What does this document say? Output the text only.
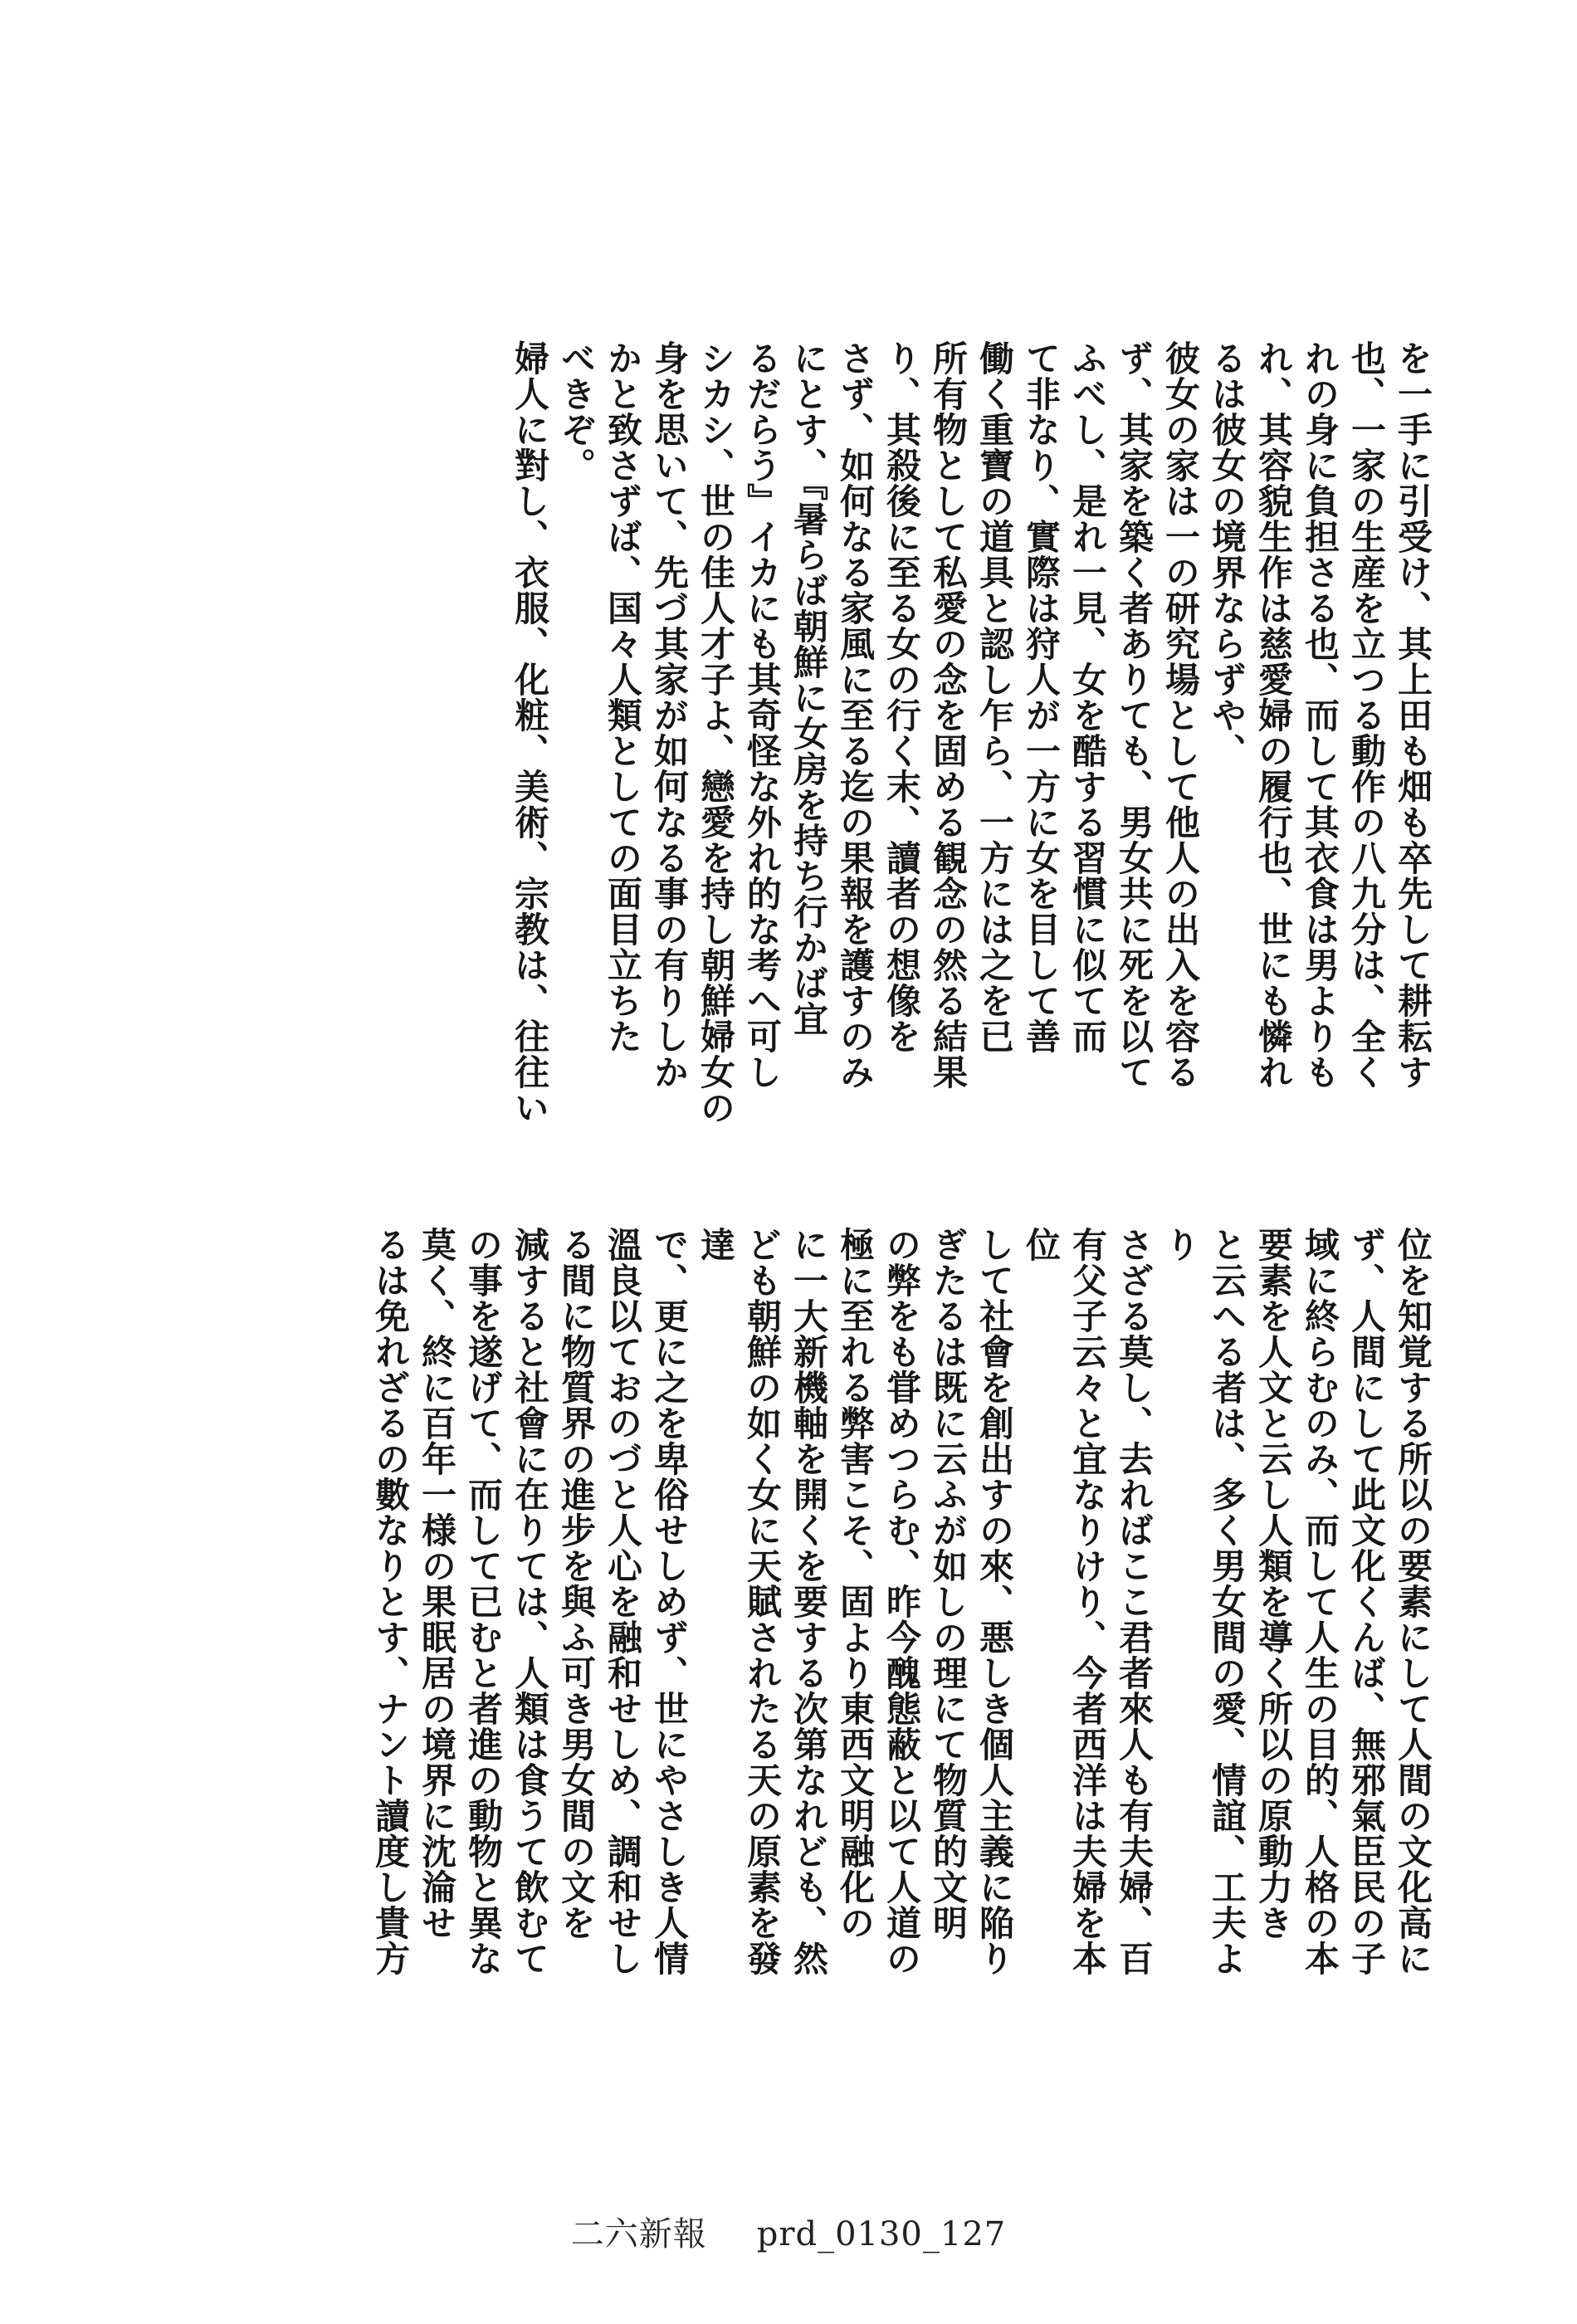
を一手に引受け、其上田も畑も卒先して耕耘す
也、一家の生産を立つる動作の八九分は、全く
れの身に負担さる也、而して其衣食は男よりも
れ、其容貌生作は慈愛婦の履行也、世にも憐れ
るは彼女の境界ならずや、
彼女の家は一の研究場として他人の出入を容る
ず、其家を築く者ありても、男女共に死を以て
ふべし、是れ一見、女を酷する習慣に似て而
て非なり、實際は狩人が一方に女を目して善
働く重寶の道具と認し乍ら、一方には之を已
所有物として私愛の念を固める観念の然る結果
り、其殺後に至る女の行く末、讀者の想像を
さず、如何なる家風に至る迄の果報を護すのみ
にとす、『暑らば朝鮮に女房を持ち行かば宜
るだらう』イカにも其奇怪な外れ的な考へ可し
シカシ、世の佳人才子よ、戀愛を持し朝鮮婦女の
身を思いて、先づ其家が如何なる事の有りしか
かと致さずば、国々人類としての面目立ちた
べきぞ。
婦人に對し、衣服、化粧、美術、宗教は、往往い
位を知覚する所以の要素にして人間の文化高に
ず、人間にして此文化くんば、無邪氣臣民の子
域に終らむのみ、而して人生の目的、人格の本
要素を人文と云し人類を導く所以の原動力き
と云へる者は、多く男女間の愛、情誼、工夫より
さざる莫し、去ればここ君者來人も有夫婦、百
有父子云々と宜なりけり、今者西洋は夫婦を本位
して社會を創出すの來、悪しき個人主義に陥り
ぎたるは既に云ふが如しの理にて物質的文明
の弊をも甞めつらむ、昨今醜態蔽と以て人道の
極に至れる弊害こそ、固より東西文明融化の
に一大新機軸を開くを要する次第なれども、然
ども朝鮮の如く女に天賦されたる天の原素を發達
で、更に之を卑俗せしめず、世にやさしき人情
溫良以ておのづと人心を融和せしめ、調和せし
る間に物質界の進步を與ふ可き男女間の文を
減すると社會に在りては、人類は食うて飲むて
の事を遂げて、而して已むと者進の動物と異な
莫く、終に百年一様の果眠居の境界に沈淪せ
るは免れざるの數なりとす、ナント讀度し貴方
二六新報 prd_0130_127
